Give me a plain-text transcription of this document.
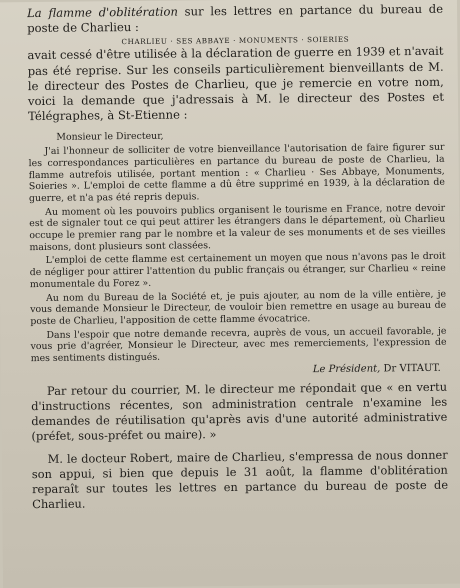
La flamme d'oblitération sur les lettres en partance du bureau de poste de Charlieu :

CHARLIEU · SES ABBAYE · MONUMENTS · SOIERIES

avait cessé d'être utilisée à la déclaration de guerre en 1939 et n'avait pas été reprise. Sur les conseils particulièrement bienveillants de M. le directeur des Postes de Charlieu, que je remercie en votre nom, voici la demande que j'adressais à M. le directeur des Postes et Télégraphes, à St-Etienne :

Monsieur le Directeur,

J'ai l'honneur de solliciter de votre bienveillance l'autorisation de faire figurer sur les correspondances particulières en partance du bureau de poste de Charlieu, la flamme autrefois utilisée, portant mention : « Charlieu · Ses Abbaye, Monuments, Soieries ». L'emploi de cette flamme a dû être supprimé en 1939, à la déclaration de guerre, et n'a pas été repris depuis.

Au moment où les pouvoirs publics organisent le tourisme en France, notre devoir est de signaler tout ce qui peut attirer les étrangers dans le département, où Charlieu occupe le premier rang par le nombre et la valeur de ses monuments et de ses vieilles maisons, dont plusieurs sont classées.

L'emploi de cette flamme est certainement un moyen que nous n'avons pas le droit de négliger pour attirer l'attention du public français ou étranger, sur Charlieu « reine monumentale du Forez ».

Au nom du Bureau de la Société et, je puis ajouter, au nom de la ville entière, je vous demande Monsieur le Directeur, de vouloir bien remettre en usage au bureau de poste de Charlieu, l'apposition de cette flamme évocatrice.

Dans l'espoir que notre demande recevra, auprès de vous, un accueil favorable, je vous prie d'agréer, Monsieur le Directeur, avec mes remerciements, l'expression de mes sentiments distingués.

Le Président, Dr VITAUT.

Par retour du courrier, M. le directeur me répondait que « en vertu d'instructions récentes, son administration centrale n'examine les demandes de réutilisation qu'après avis d'une autorité administrative (préfet, sous-préfet ou maire). »

M. le docteur Robert, maire de Charlieu, s'empressa de nous donner son appui, si bien que depuis le 31 août, la flamme d'oblitération reparaît sur toutes les lettres en partance du bureau de poste de Charlieu.
